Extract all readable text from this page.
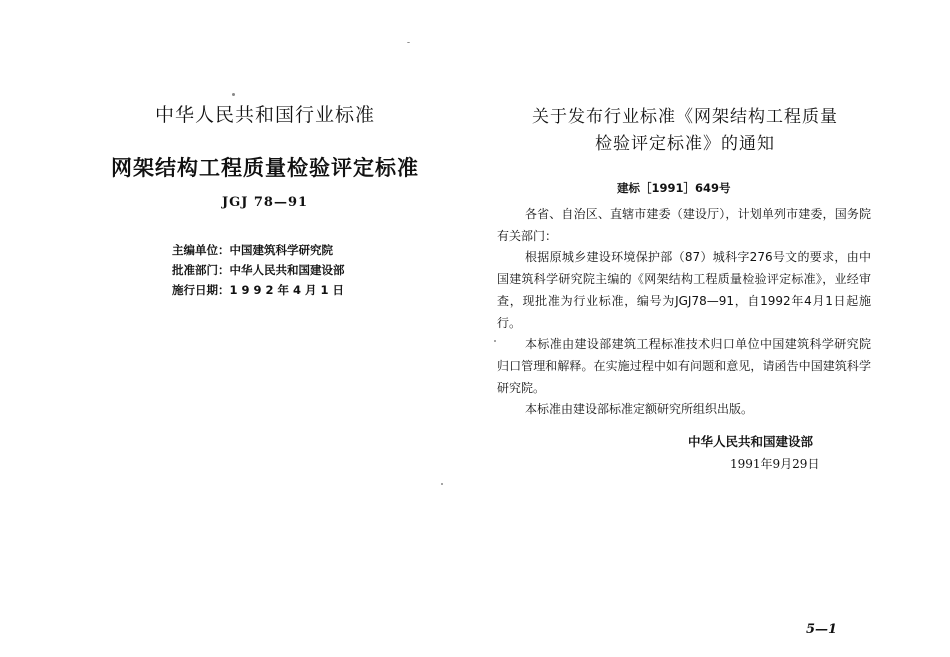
中华人民共和国行业标准
网架结构工程质量检验评定标准
JGJ 78—91
主编单位：中国建筑科学研究院
批准部门：中华人民共和国建设部
施行日期：1 9 9 2 年 4 月 1 日
关于发布行业标准《网架结构工程质量
检验评定标准》的通知
建标［1991］649号

各省、自治区、直辖市建委（建设厅），计划单列市建委，国务院有关部门：

根据原城乡建设环境保护部（87）城科字276号文的要求，由中国建筑科学研究院主编的《网架结构工程质量检验评定标准》，业经审查，现批准为行业标准，编号为JGJ78—91，自1992年4月1日起施行。

本标准由建设部建筑工程标准技术归口单位中国建筑科学研究院归口管理和解释。在实施过程中如有问题和意见，请函告中国建筑科学研究院。

本标准由建设部标准定额研究所组织出版。

中华人民共和国建设部
1991年9月29日
5—1
